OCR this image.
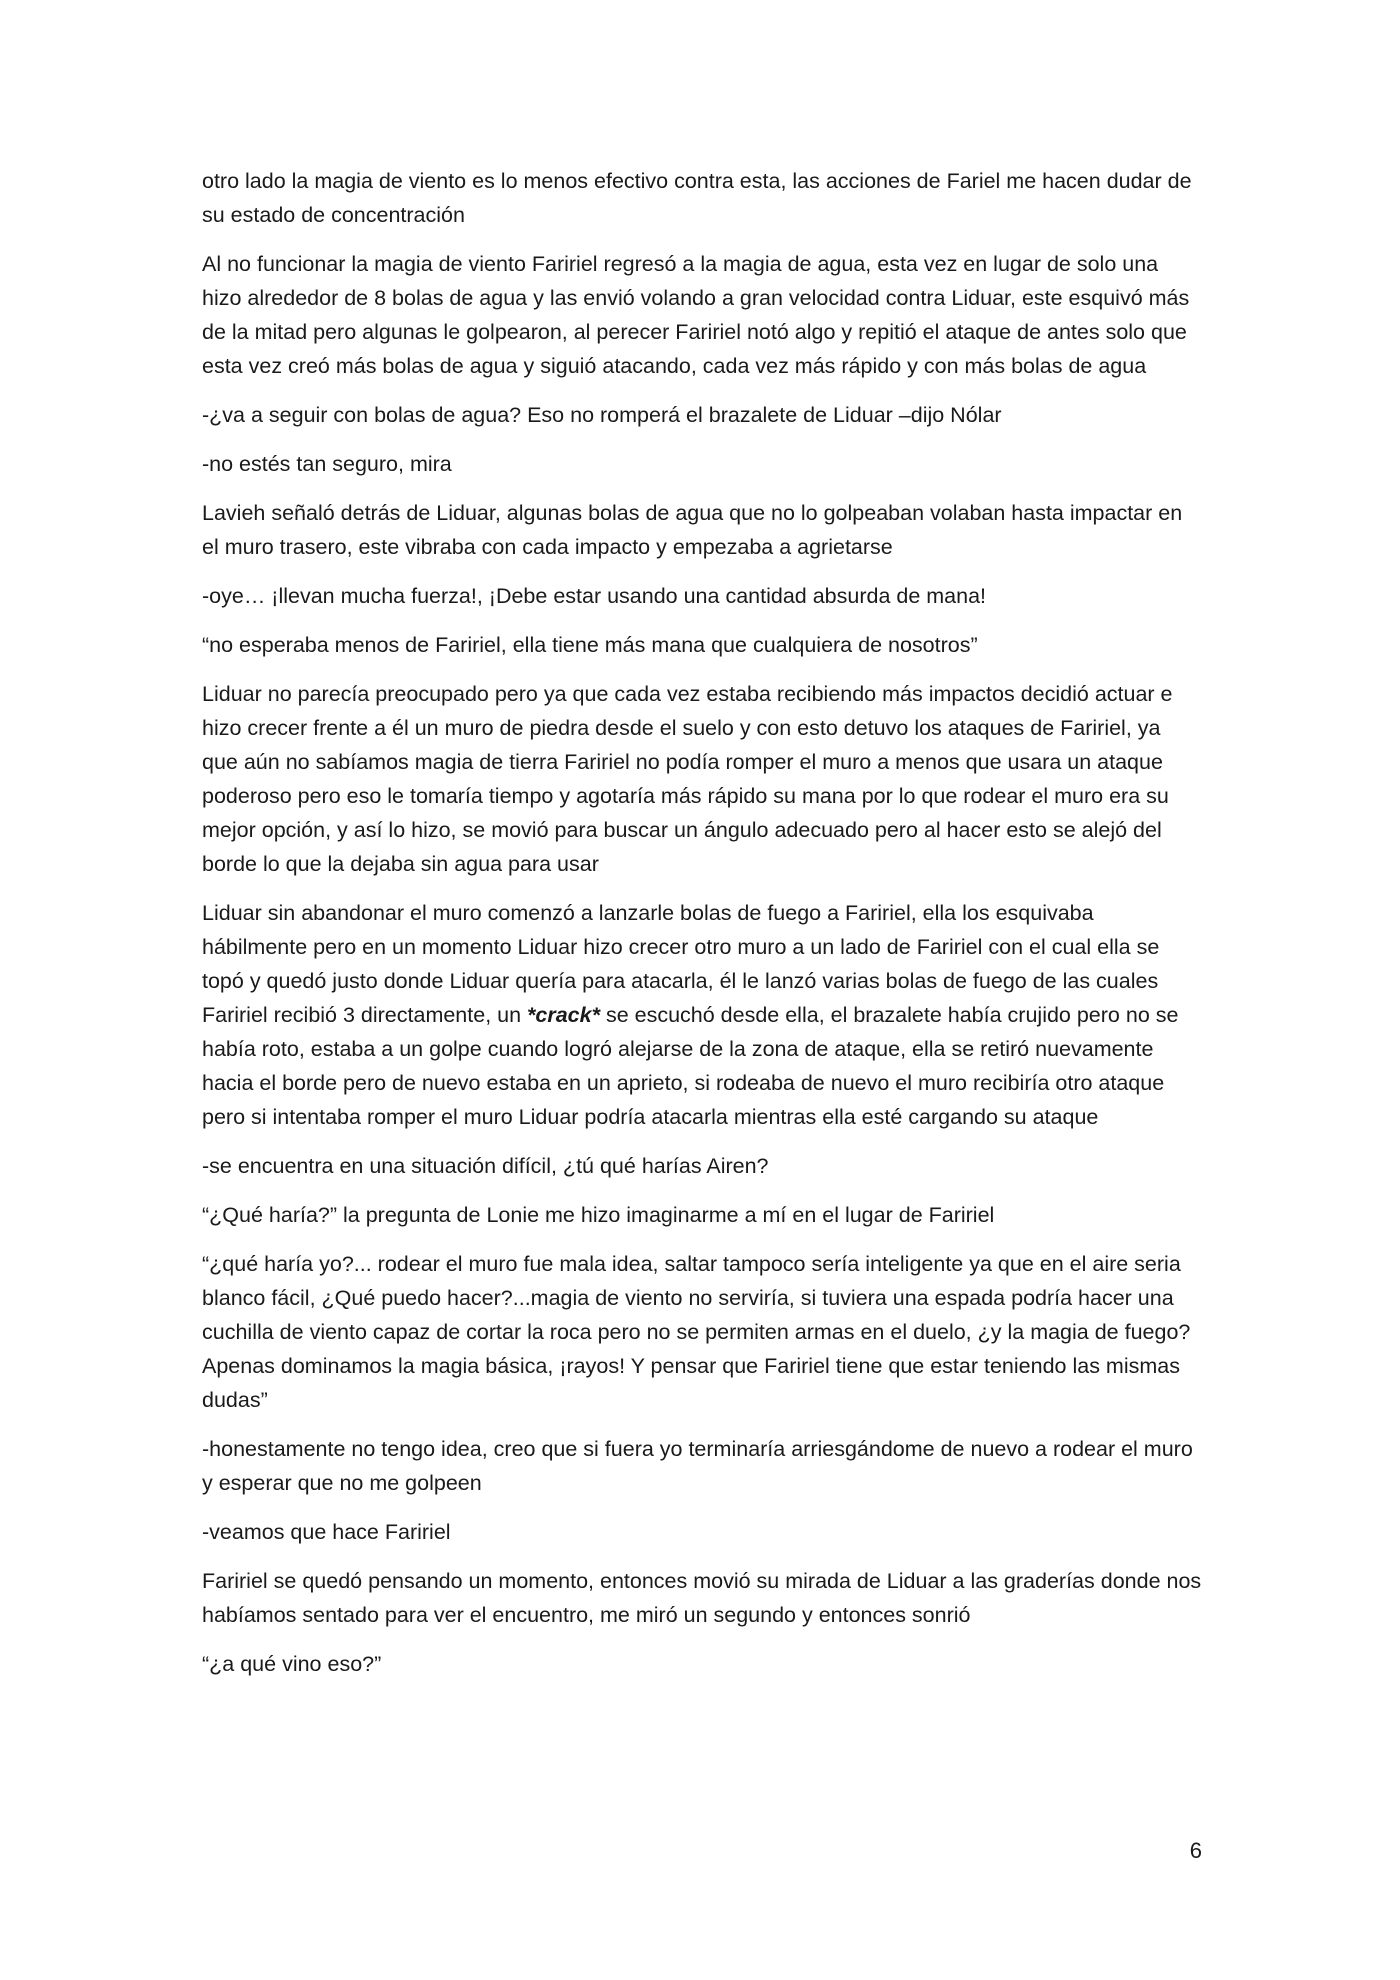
otro lado la magia de viento es lo menos efectivo contra esta, las acciones de Fariel me hacen dudar de su estado de concentración

Al no funcionar la magia de viento Faririel regresó a la magia de agua, esta vez en lugar de solo una hizo alrededor de 8 bolas de agua y las envió volando a gran velocidad contra Liduar, este esquivó más de la mitad pero algunas le golpearon, al perecer Faririel notó algo y repitió el ataque de antes solo que esta vez creó más bolas de agua y siguió atacando, cada vez más rápido y con más bolas de agua

-¿va a seguir con bolas de agua? Eso no romperá el brazalete de Liduar –dijo Nólar

-no estés tan seguro, mira

Lavieh señaló detrás de Liduar, algunas bolas de agua que no lo golpeaban volaban hasta impactar en el muro trasero, este vibraba con cada impacto y empezaba a agrietarse

-oye… ¡llevan mucha fuerza!, ¡Debe estar usando una cantidad absurda de mana!

“no esperaba menos de Faririel, ella tiene más mana que cualquiera de nosotros”

Liduar no parecía preocupado pero ya que cada vez estaba recibiendo más impactos decidió actuar e hizo crecer frente a él un muro de piedra desde el suelo y con esto detuvo los ataques de Faririel, ya que aún no sabíamos magia de tierra Faririel no podía romper el muro a menos que usara un ataque poderoso pero eso le tomaría tiempo y agotaría más rápido su mana por lo que rodear el muro era su mejor opción, y así lo hizo, se movió para buscar un ángulo adecuado pero al hacer esto se alejó del borde lo que la dejaba sin agua para usar

Liduar sin abandonar el muro comenzó a lanzarle bolas de fuego a Faririel, ella los esquivaba hábilmente pero en un momento Liduar hizo crecer otro muro a un lado de Faririel con el cual ella se topó y quedó justo donde Liduar quería para atacarla, él le lanzó varias bolas de fuego de las cuales Faririel recibió 3 directamente, un *crack* se escuchó desde ella, el brazalete había crujido pero no se había roto, estaba a un golpe cuando logró alejarse de la zona de ataque, ella se retiró nuevamente hacia el borde pero de nuevo estaba en un aprieto, si rodeaba de nuevo el muro recibiría otro ataque pero si intentaba romper el muro Liduar podría atacarla mientras ella esté cargando su ataque

-se encuentra en una situación difícil, ¿tú qué harías Airen?

“¿Qué haría?” la pregunta de Lonie me hizo imaginarme a mí en el lugar de Faririel

“¿qué haría yo?... rodear el muro fue mala idea, saltar tampoco sería inteligente ya que en el aire seria blanco fácil, ¿Qué puedo hacer?...magia de viento no serviría, si tuviera una espada podría hacer una cuchilla de viento capaz de cortar la roca pero no se permiten armas en el duelo, ¿y la magia de fuego? Apenas dominamos la magia básica, ¡rayos! Y pensar que Faririel tiene que estar teniendo las mismas dudas”

-honestamente no tengo idea, creo que si fuera yo terminaría arriesgándome de nuevo a rodear el muro y esperar que no me golpeen

-veamos que hace Faririel

Faririel se quedó pensando un momento, entonces movió su mirada de Liduar a las graderías donde nos habíamos sentado para ver el encuentro, me miró un segundo y entonces sonrió

“¿a qué vino eso?”

6
